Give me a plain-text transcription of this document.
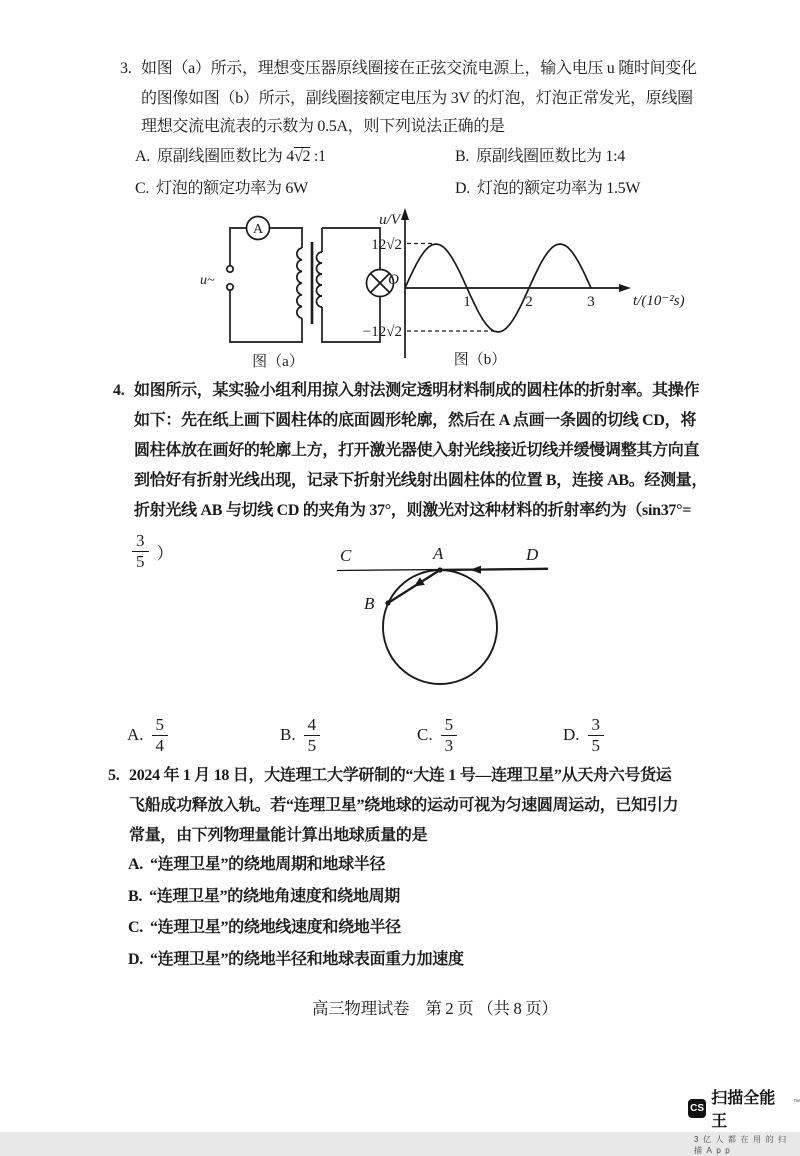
3. 如图（a）所示，理想变压器原线圈接在正弦交流电源上，输入电压 u 随时间变化
的图像如图（b）所示，副线圈接额定电压为 3V 的灯泡，灯泡正常发光，原线圈
理想交流电流表的示数为 0.5A，则下列说法正确的是
A. 原副线圈匝数比为 4√2 :1	B. 原副线圈匝数比为 1:4
C. 灯泡的额定功率为 6W	D. 灯泡的额定功率为 1.5W
A
u~
图（a）
u/V
12√2
O
−12√2
1	2	3	t/(10⁻²s)
图（b）
4. 如图所示，某实验小组利用掠入射法测定透明材料制成的圆柱体的折射率。其操作
如下：先在纸上画下圆柱体的底面圆形轮廓，然后在 A 点画一条圆的切线 CD，将
圆柱体放在画好的轮廓上方，打开激光器使入射光线接近切线并缓慢调整其方向直
到恰好有折射光线出现，记录下折射光线射出圆柱体的位置 B，连接 AB。经测量，
折射光线 AB 与切线 CD 的夹角为 37°，则激光对这种材料的折射率约为（sin37°=
$\frac{3}{5}$ ）	C	A	D
B
A. $\frac{5}{4}$	B. $\frac{4}{5}$	C. $\frac{5}{3}$	D. $\frac{3}{5}$
5. 2024 年 1 月 18 日，大连理工大学研制的“大连 1 号—连理卫星”从天舟六号货运
飞船成功释放入轨。若“连理卫星”绕地球的运动可视为匀速圆周运动，已知引力
常量，由下列物理量能计算出地球质量的是
A. “连理卫星”的绕地周期和地球半径
B. “连理卫星”的绕地角速度和绕地周期
C. “连理卫星”的绕地线速度和绕地半径
D. “连理卫星”的绕地半径和地球表面重力加速度
高三物理试卷　第 2 页 （共 8 页）
CS
扫描全能王
™
3亿人都在用的扫描App
